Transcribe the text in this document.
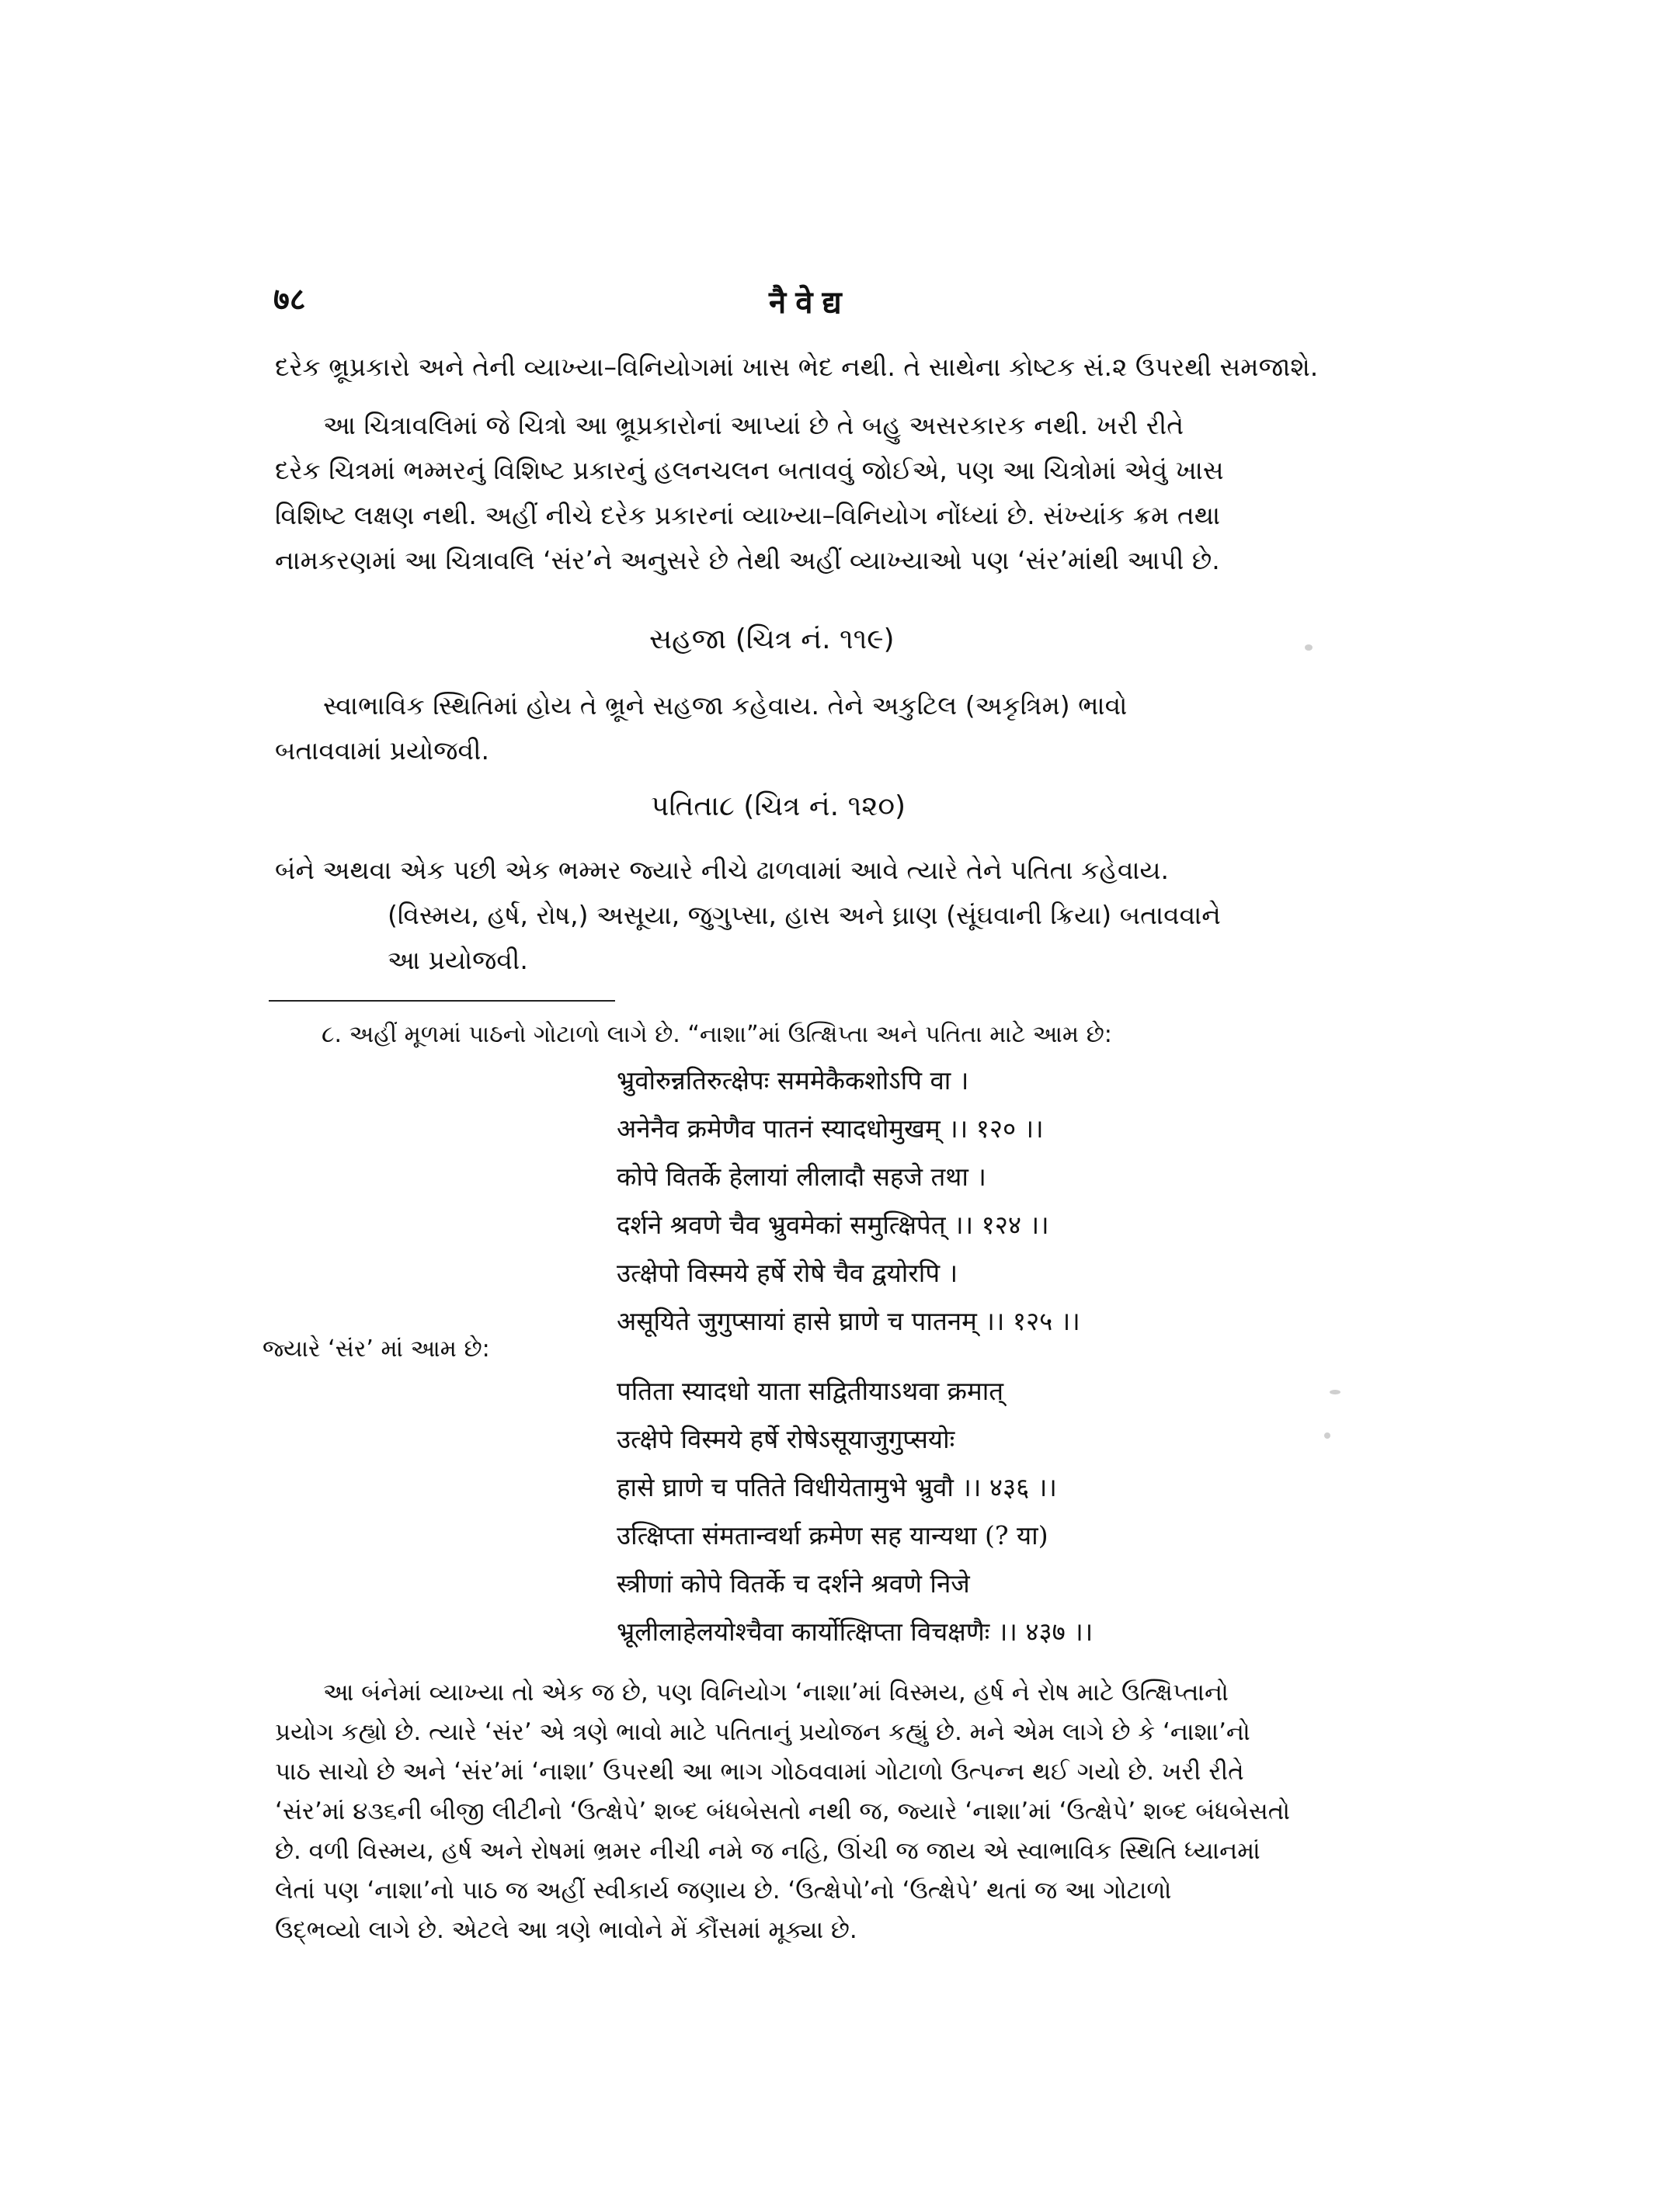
७८	नैवेद्य
દરેક ભ્રૂપ્રકારો અને તેની વ્યાખ્યા–વિનિયોગમાં ખાસ ભેદ નથી. તે સાથેના કોષ્ટક સં.૨ ઉપરથી સમજાશે.
આ ચિત્રાવલિમાં જે ચિત્રો આ ભ્રૂપ્રકારોનાં આપ્યાં છે તે બહુ અસરકારક નથી. ખરી રીતે
દરેક ચિત્રમાં ભમ્મરનું વિશિષ્ટ પ્રકારનું હલનચલન બતાવવું જોઈએ, પણ આ ચિત્રોમાં એવું ખાસ
વિશિષ્ટ લક્ષણ નથી. અહીં નીચે દરેક પ્રકારનાં વ્યાખ્યા–વિનિયોગ નોંધ્યાં છે. સંખ્યાંક ક્રમ તથા
નામકરણમાં આ ચિત્રાવલિ ‘સંર’ને અનુસરે છે તેથી અહીં વ્યાખ્યાઓ પણ ‘સંર’માંથી આપી છે.
સહજા (ચિત્ર નં. ૧૧૯)
સ્વાભાવિક સ્થિતિમાં હોય તે ભ્રૂને સહજા કહેવાય. તેને અકુટિલ (અકૃત્રિમ) ભાવો
બતાવવામાં પ્રયોજવી.
પતિતા૮ (ચિત્ર નં. ૧૨૦)
બંને અથવા એક પછી એક ભમ્મર જ્યારે નીચે ઢાળવામાં આવે ત્યારે તેને પતિતા કહેવાય.
(વિસ્મય, હર્ષ, રોષ,) અસૂયા, જુગુપ્સા, હાસ અને ઘ્રાણ (સૂંઘવાની ક્રિયા) બતાવવાને
આ પ્રયોજવી.
૮. અહીં મૂળમાં પાઠનો ગોટાળો લાગે છે. “નાશા”માં ઉત્ક્ષિપ્તા અને પતિતા માટે આમ છે:
भ्रुवोरुन्नतिरुत्क्षेपः सममेकैकशोऽपि वा ।
अनेनैव क्रमेणैव पातनं स्यादधोमुखम् ।। १२० ।।
कोपे वितर्के हेलायां लीलादौ सहजे तथा ।
दर्शने श्रवणे चैव भ्रुवमेकां समुत्क्षिपेत् ।। १२४ ।।
उत्क्षेपो विस्मये हर्षे रोषे चैव द्वयोरपि ।
असूयिते जुगुप्सायां हासे घ्राणे च पातनम् ।। १२५ ।।
જ્યારે ‘સંર’ માં આમ છે:
पतिता स्यादधो याता सद्वितीयाऽथवा क्रमात्
उत्क्षेपे विस्मये हर्षे रोषेऽसूयाजुगुप्सयोः
हासे घ्राणे च पतिते विधीयेतामुभे भ्रुवौ ।। ४३६ ।।
उत्क्षिप्ता संमतान्वर्था क्रमेण सह यान्यथा (? या)
स्त्रीणां कोपे वितर्के च दर्शने श्रवणे निजे
भ्रूलीलाहेलयोश्चैवा कार्योत्क्षिप्ता विचक्षणैः ।। ४३७ ।।
આ બંનેમાં વ્યાખ્યા તો એક જ છે, પણ વિનિયોગ ‘નાશા’માં વિસ્મય, હર્ષ ને રોષ માટે ઉત્ક્ષિપ્તાનો
પ્રયોગ કહ્યો છે. ત્યારે ‘સંર’ એ ત્રણે ભાવો માટે પતિતાનું પ્રયોજન કહ્યું છે. મને એમ લાગે છે કે ‘નાશા’નો
પાઠ સાચો છે અને ‘સંર’માં ‘નાશા’ ઉપરથી આ ભાગ ગોઠવવામાં ગોટાળો ઉત્પન્ન થઈ ગયો છે. ખરી રીતે
‘સંર’માં ૪૩૬ની બીજી લીટીનો ‘ઉત્ક્ષેપે’ શબ્દ બંધબેસતો નથી જ, જ્યારે ‘નાશા’માં ‘ઉત્ક્ષેપે’ શબ્દ બંધબેસતો
છે. વળી વિસ્મય, હર્ષ અને રોષમાં ભ્રમર નીચી નમે જ નહિ, ઊંચી જ જાય એ સ્વાભાવિક સ્થિતિ ધ્યાનમાં
લેતાં પણ ‘નાશા’નો પાઠ જ અહીં સ્વીકાર્ય જણાય છે. ‘ઉત્ક્ષેપો’નો ‘ઉત્ક્ષેપે’ થતાં જ આ ગોટાળો
ઉદ્ભવ્યો લાગે છે. એટલે આ ત્રણે ભાવોને મેં કૌંસમાં મૂક્યા છે.
